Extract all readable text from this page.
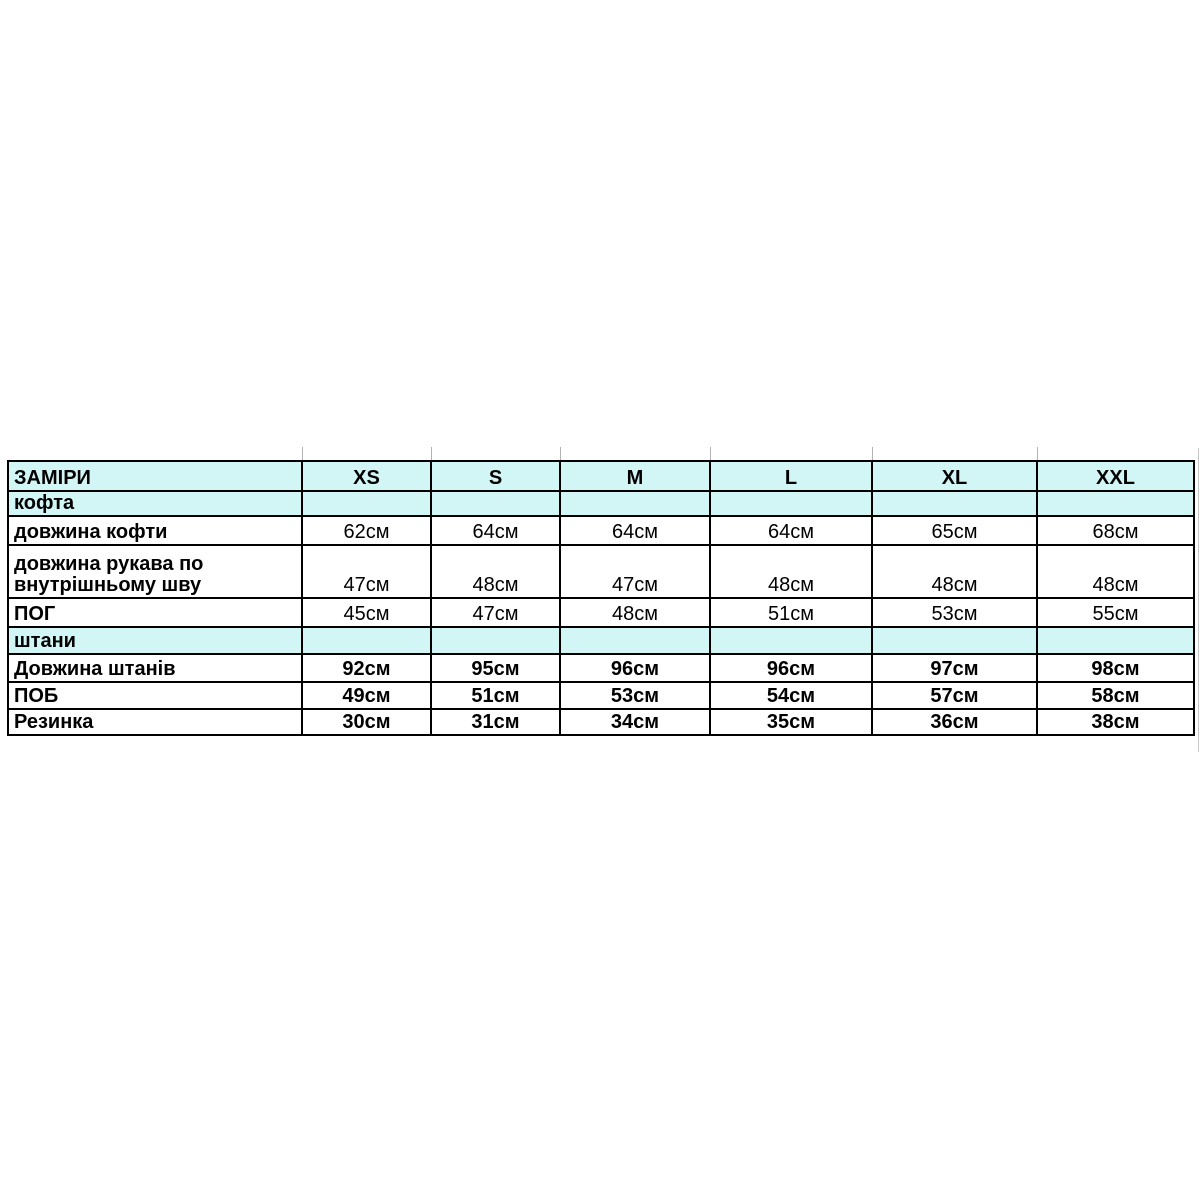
ЗАМІРИ	XS	S	M	L	XL	XXL
кофта						
довжина кофти	62см	64см	64см	64см	65см	68см
довжина рукава по внутрішньому шву	47см	48см	47см	48см	48см	48см
ПОГ	45см	47см	48см	51см	53см	55см
штани						
Довжина штанів	92см	95см	96см	96см	97см	98см
ПОБ	49см	51см	53см	54см	57см	58см
Резинка	30см	31см	34см	35см	36см	38см
